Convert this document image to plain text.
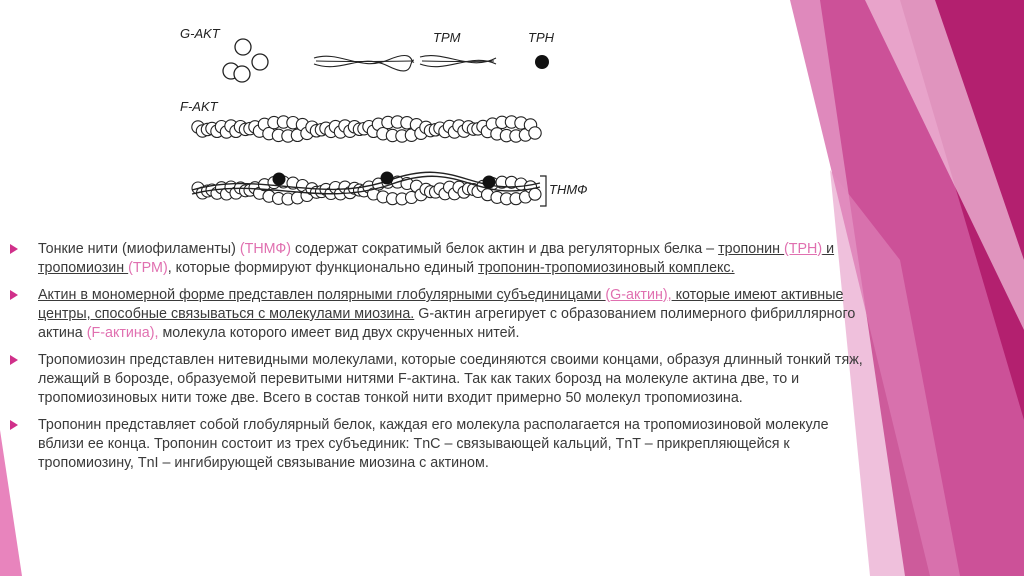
G-AKT	TPM	TPH
F-AKT
ТНМФ
Тонкие нити (миофиламенты) (ТНМФ) содержат сократимый белок актин и два регуляторных белка – тропонин (ТРН) и тропомиозин (ТРМ), которые формируют функционально единый тропонин-тропомиозиновый комплекс.
Актин в мономерной форме представлен полярными глобулярными субъединицами (G-актин), которые имеют активные центры, способные связываться с молекулами миозина. G-актин агрегирует с образованием полимерного фибриллярного актина (F-актина), молекула которого имеет вид двух скрученных нитей.
Тропомиозин представлен нитевидными молекулами, которые соединяются своими концами, образуя длинный тонкий тяж, лежащий в борозде, образуемой перевитыми нитями F-актина. Так как таких борозд на молекуле актина две, то и тропомиозиновых нити тоже две. Всего в состав тонкой нити входит примерно 50 молекул тропомиозина.
Тропонин представляет собой глобулярный белок, каждая его молекула располагается на тропомиозиновой молекуле вблизи ее конца. Тропонин состоит из трех субъединик: TnC – связывающей кальций, TnT – прикрепляющейся к тропомиозину, TnI – ингибирующей связывание миозина с актином.
